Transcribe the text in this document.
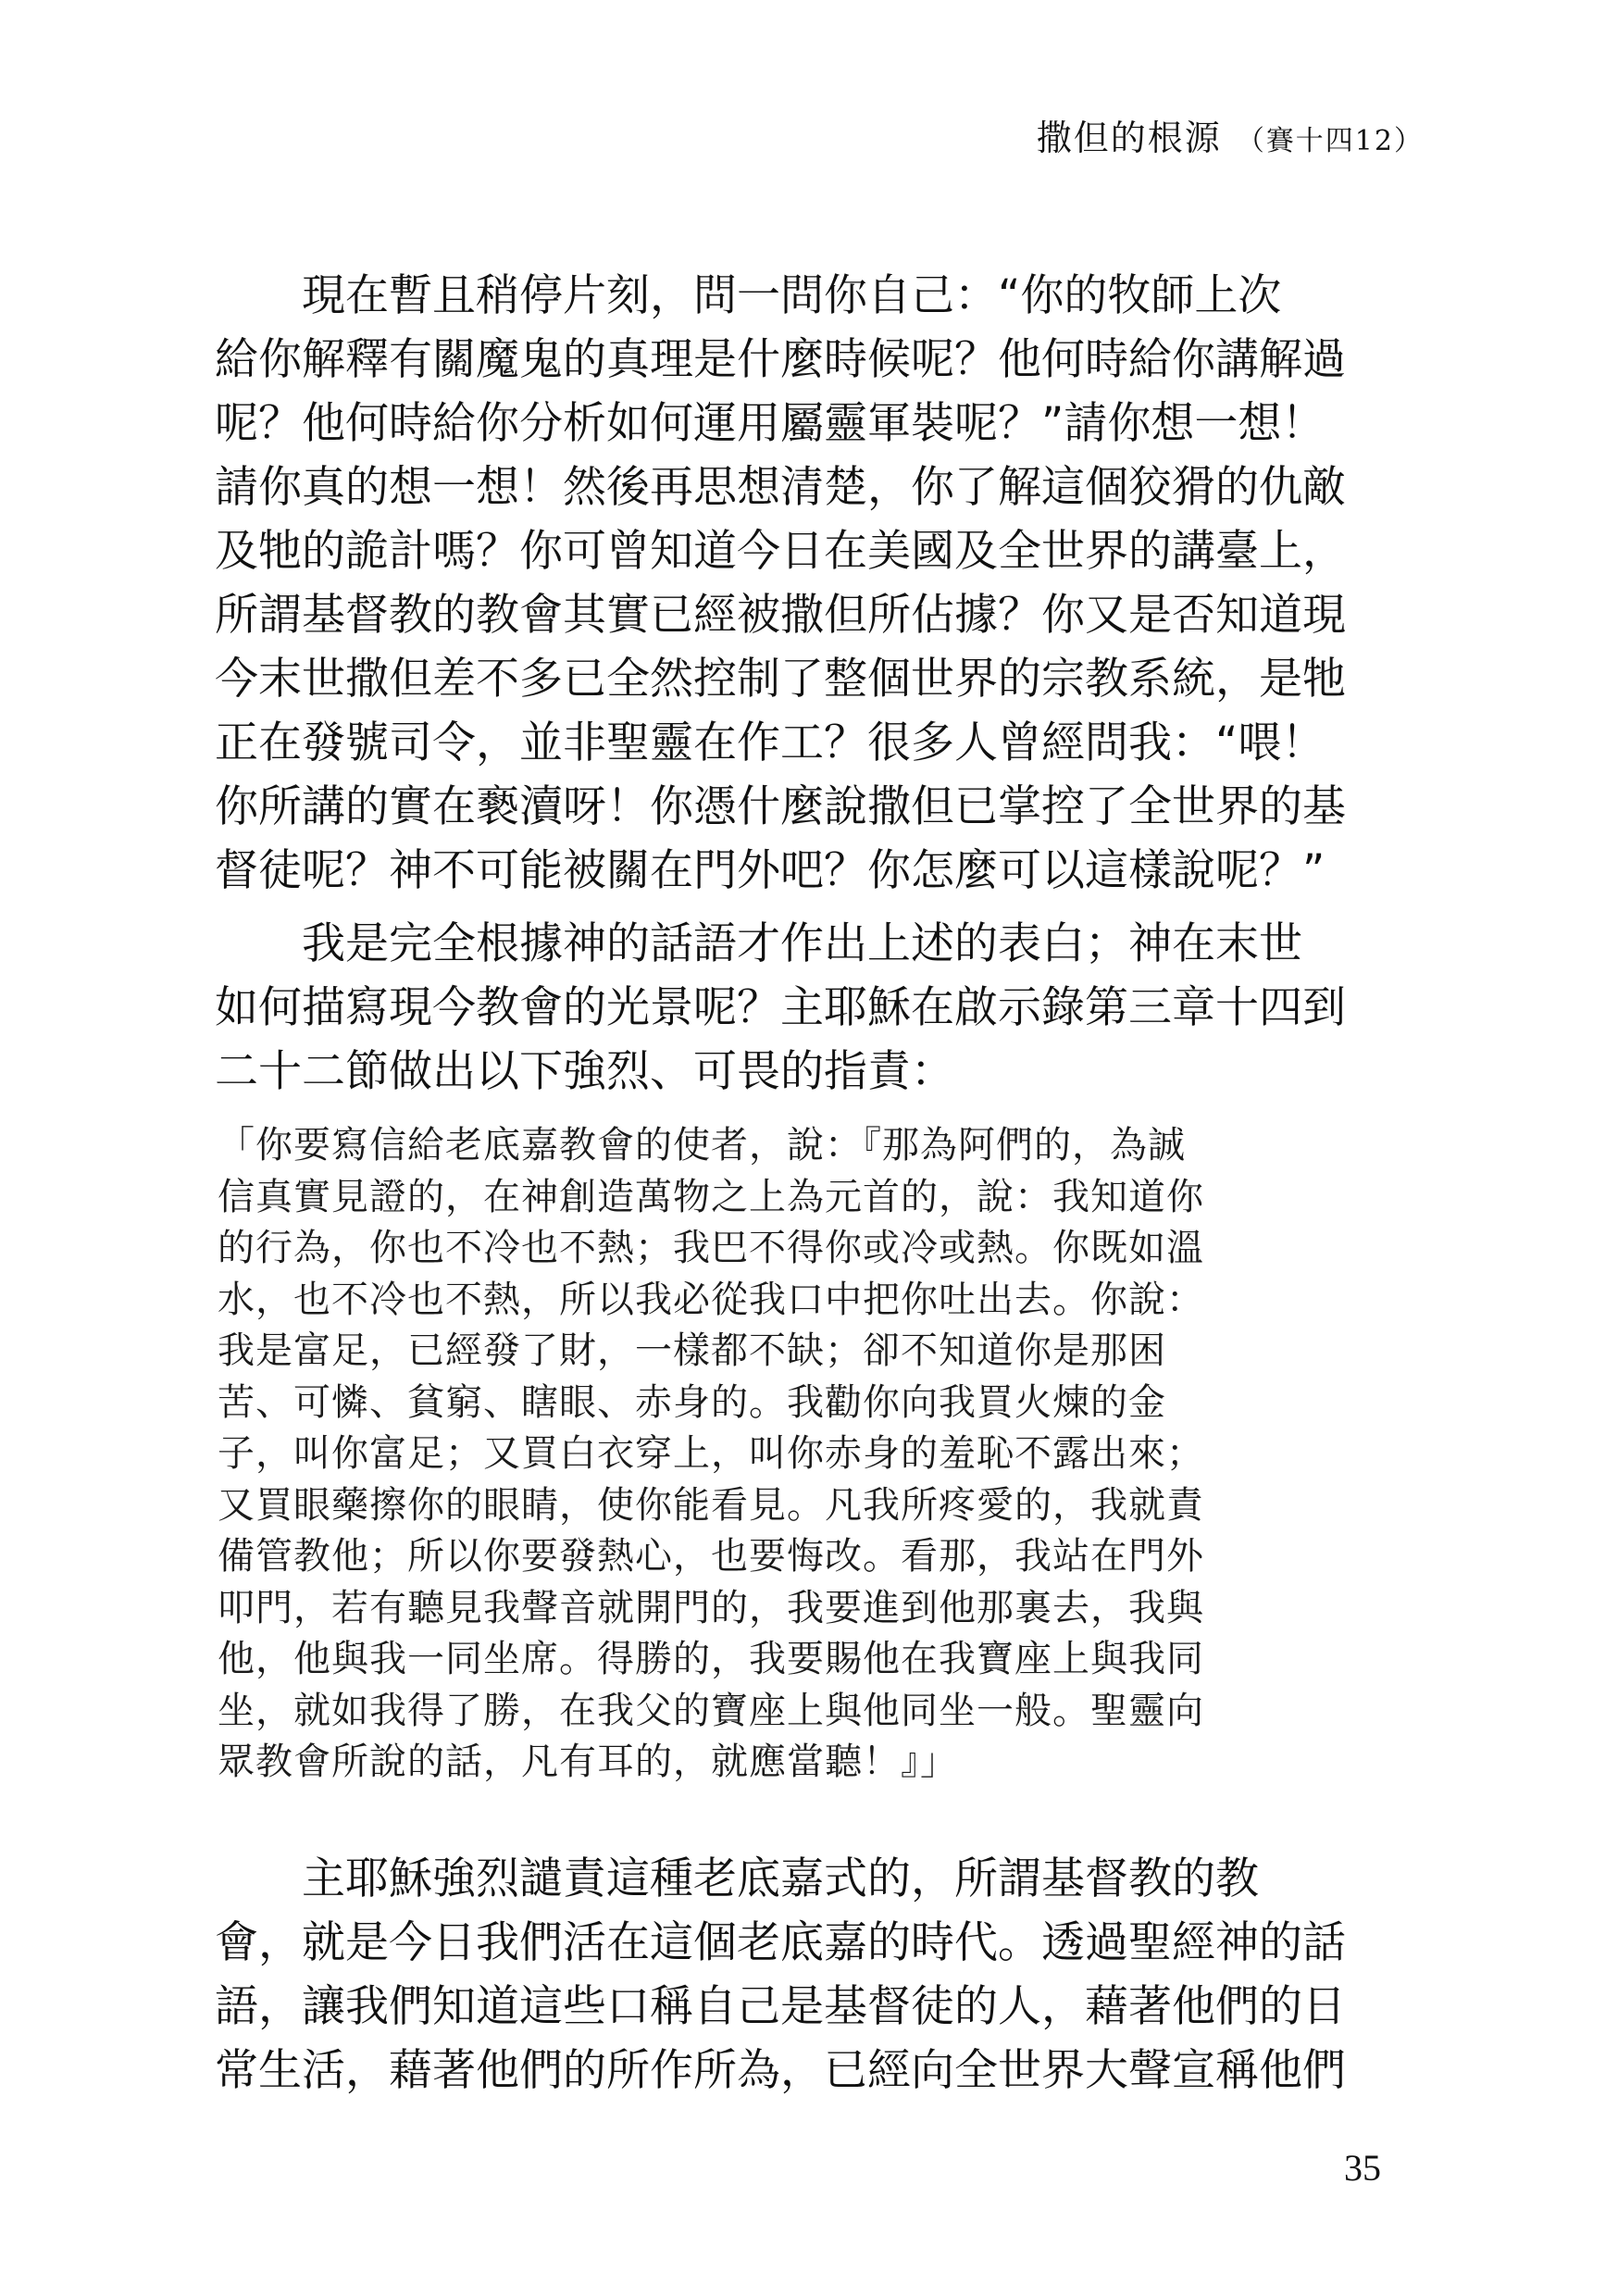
撒但的根源 （賽十四12）

現在暫且稍停片刻，問一問你自己：“你的牧師上次
給你解釋有關魔鬼的真理是什麼時候呢？他何時給你講解過
呢？他何時給你分析如何運用屬靈軍裝呢？”請你想一想！
請你真的想一想！然後再思想清楚，你了解這個狡猾的仇敵
及牠的詭計嗎？你可曾知道今日在美國及全世界的講臺上，
所謂基督教的教會其實已經被撒但所佔據？你又是否知道現
今末世撒但差不多已全然控制了整個世界的宗教系統，是牠
正在發號司令，並非聖靈在作工？很多人曾經問我：“喂！
你所講的實在褻瀆呀！你憑什麼說撒但已掌控了全世界的基
督徒呢？神不可能被關在門外吧？你怎麼可以這樣說呢？”

我是完全根據神的話語才作出上述的表白；神在末世
如何描寫現今教會的光景呢？主耶穌在啟示錄第三章十四到
二十二節做出以下強烈、可畏的指責：

「你要寫信給老底嘉教會的使者，說：『那為阿們的，為誠
信真實見證的，在神創造萬物之上為元首的，說：我知道你
的行為，你也不冷也不熱；我巴不得你或冷或熱。你既如溫
水，也不冷也不熱，所以我必從我口中把你吐出去。你說：
我是富足，已經發了財，一樣都不缺；卻不知道你是那困
苦、可憐、貧窮、瞎眼、赤身的。我勸你向我買火煉的金
子，叫你富足；又買白衣穿上，叫你赤身的羞恥不露出來；
又買眼藥擦你的眼睛，使你能看見。凡我所疼愛的，我就責
備管教他；所以你要發熱心，也要悔改。看那，我站在門外
叩門，若有聽見我聲音就開門的，我要進到他那裏去，我與
他，他與我一同坐席。得勝的，我要賜他在我寶座上與我同
坐，就如我得了勝，在我父的寶座上與他同坐一般。聖靈向
眾教會所說的話，凡有耳的，就應當聽！』」

主耶穌強烈譴責這種老底嘉式的，所謂基督教的教
會，就是今日我們活在這個老底嘉的時代。透過聖經神的話
語，讓我們知道這些口稱自己是基督徒的人，藉著他們的日
常生活，藉著他們的所作所為，已經向全世界大聲宣稱他們

35
